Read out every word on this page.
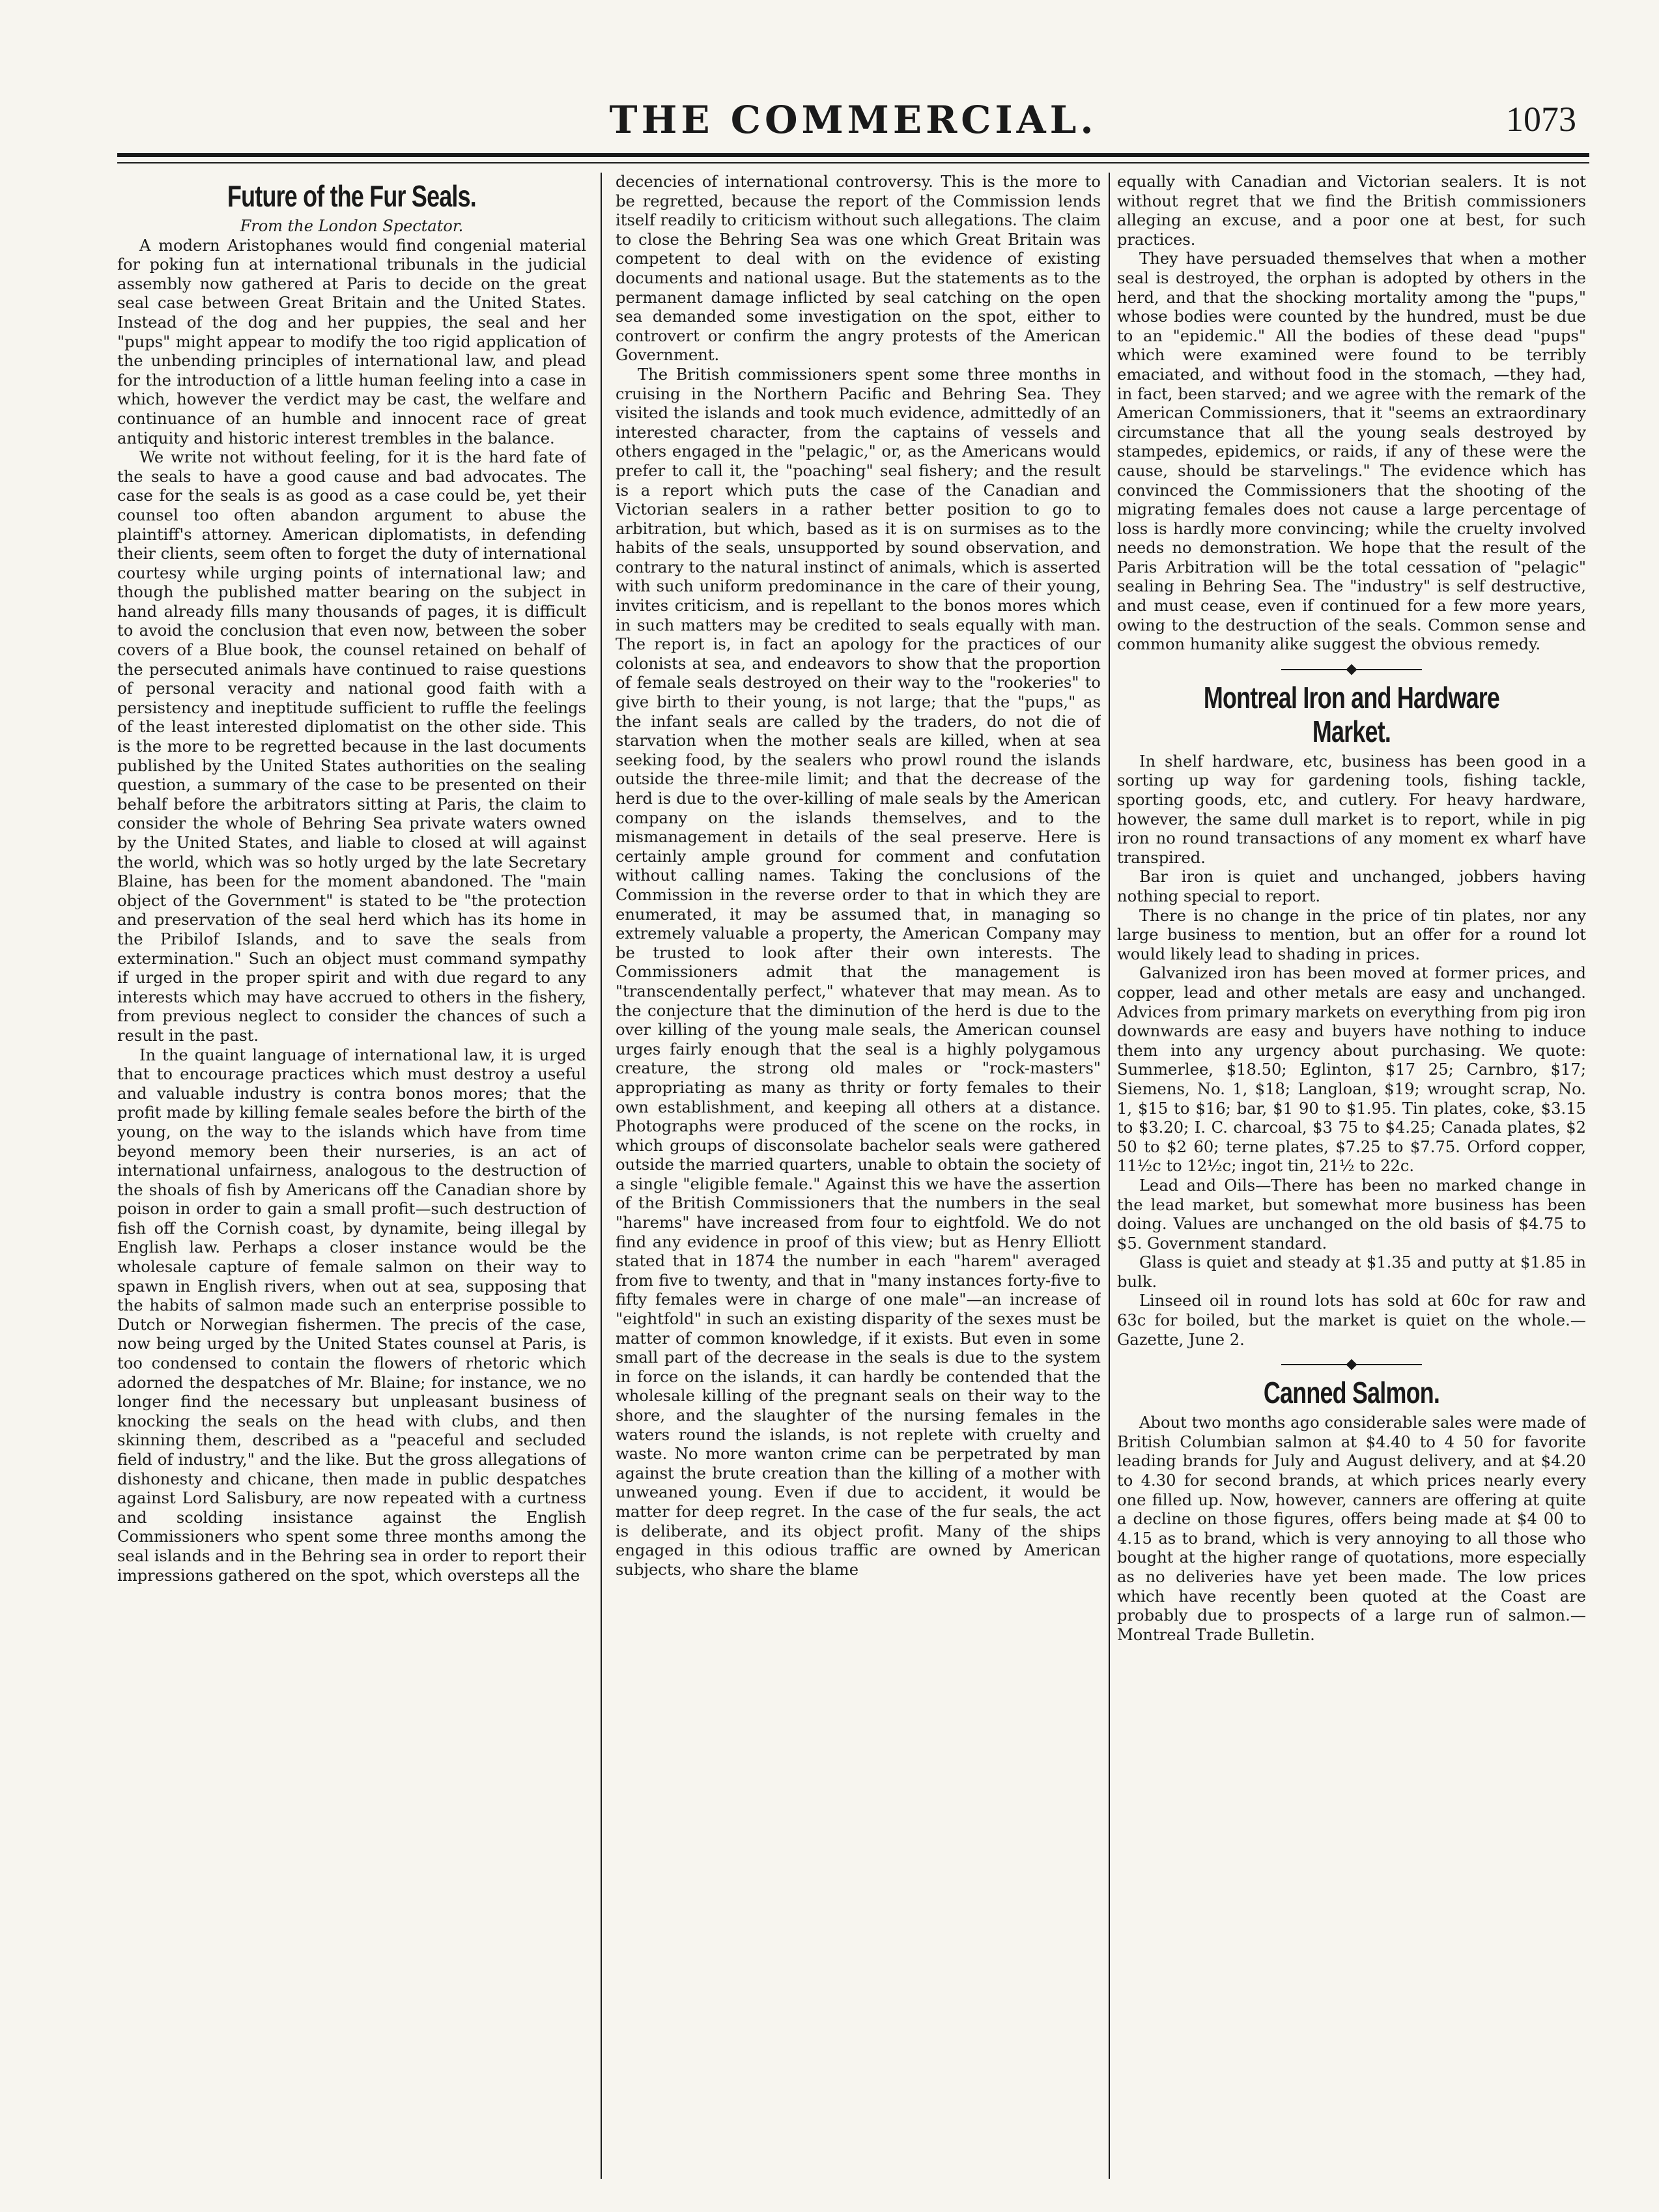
THE COMMERCIAL.	1073
Future of the Fur Seals.

From the London Spectator.

A modern Aristophanes would find congenial material for poking fun at international tribunals in the judicial assembly now gathered at Paris to decide on the great seal case between Great Britain and the United States. Instead of the dog and her puppies, the seal and her "pups" might appear to modify the too rigid application of the unbending principles of international law, and plead for the introduction of a little human feeling into a case in which, however the verdict may be cast, the welfare and continuance of an humble and innocent race of great antiquity and historic interest trembles in the balance.

We write not without feeling, for it is the hard fate of the seals to have a good cause and bad advocates. The case for the seals is as good as a case could be, yet their counsel too often abandon argument to abuse the plaintiff's attorney. American diplomatists, in defending their clients, seem often to forget the duty of international courtesy while urging points of international law; and though the published matter bearing on the subject in hand already fills many thousands of pages, it is difficult to avoid the conclusion that even now, between the sober covers of a Blue book, the counsel retained on behalf of the persecuted animals have continued to raise questions of personal veracity and national good faith with a persistency and ineptitude sufficient to ruffle the feelings of the least interested diplomatist on the other side. This is the more to be regretted because in the last documents published by the United States authorities on the sealing question, a summary of the case to be presented on their behalf before the arbitrators sitting at Paris, the claim to consider the whole of Behring Sea private waters owned by the United States, and liable to closed at will against the world, which was so hotly urged by the late Secretary Blaine, has been for the moment abandoned. The "main object of the Government" is stated to be "the protection and preservation of the seal herd which has its home in the Pribilof Islands, and to save the seals from extermination." Such an object must command sympathy if urged in the proper spirit and with due regard to any interests which may have accrued to others in the fishery, from previous neglect to consider the chances of such a result in the past.

In the quaint language of international law, it is urged that to encourage practices which must destroy a useful and valuable industry is contra bonos mores; that the profit made by killing female seales before the birth of the young, on the way to the islands which have from time beyond memory been their nurseries, is an act of international unfairness, analogous to the destruction of the shoals of fish by Americans off the Canadian shore by poison in order to gain a small profit—such destruction of fish off the Cornish coast, by dynamite, being illegal by English law. Perhaps a closer instance would be the wholesale capture of female salmon on their way to spawn in English rivers, when out at sea, supposing that the habits of salmon made such an enterprise possible to Dutch or Norwegian fishermen. The precis of the case, now being urged by the United States counsel at Paris, is too condensed to contain the flowers of rhetoric which adorned the despatches of Mr. Blaine; for instance, we no longer find the necessary but unpleasant business of knocking the seals on the head with clubs, and then skinning them, described as a "peaceful and secluded field of industry," and the like. But the gross allegations of dishonesty and chicane, then made in public despatches against Lord Salisbury, are now repeated with a curtness and scolding insistance against the English Commissioners who spent some three months among the seal islands and in the Behring sea in order to report their impressions gathered on the spot, which oversteps all the

decencies of international controversy. This is the more to be regretted, because the report of the Commission lends itself readily to criticism without such allegations. The claim to close the Behring Sea was one which Great Britain was competent to deal with on the evidence of existing documents and national usage. But the statements as to the permanent damage inflicted by seal catching on the open sea demanded some investigation on the spot, either to controvert or confirm the angry protests of the American Government.

The British commissioners spent some three months in cruising in the Northern Pacific and Behring Sea. They visited the islands and took much evidence, admittedly of an interested character, from the captains of vessels and others engaged in the "pelagic," or, as the Americans would prefer to call it, the "poaching" seal fishery; and the result is a report which puts the case of the Canadian and Victorian sealers in a rather better position to go to arbitration, but which, based as it is on surmises as to the habits of the seals, unsupported by sound observation, and contrary to the natural instinct of animals, which is asserted with such uniform predominance in the care of their young, invites criticism, and is repellant to the bonos mores which in such matters may be credited to seals equally with man. The report is, in fact an apology for the practices of our colonists at sea, and endeavors to show that the proportion of female seals destroyed on their way to the "rookeries" to give birth to their young, is not large; that the "pups," as the infant seals are called by the traders, do not die of starvation when the mother seals are killed, when at sea seeking food, by the sealers who prowl round the islands outside the three-mile limit; and that the decrease of the herd is due to the over-killing of male seals by the American company on the islands themselves, and to the mismanagement in details of the seal preserve. Here is certainly ample ground for comment and confutation without calling names. Taking the conclusions of the Commission in the reverse order to that in which they are enumerated, it may be assumed that, in managing so extremely valuable a property, the American Company may be trusted to look after their own interests. The Commissioners admit that the management is "transcendentally perfect," whatever that may mean. As to the conjecture that the diminution of the herd is due to the over killing of the young male seals, the American counsel urges fairly enough that the seal is a highly polygamous creature, the strong old males or "rock-masters" appropriating as many as thrity or forty females to their own establishment, and keeping all others at a distance. Photographs were produced of the scene on the rocks, in which groups of disconsolate bachelor seals were gathered outside the married quarters, unable to obtain the society of a single "eligible female." Against this we have the assertion of the British Commissioners that the numbers in the seal "harems" have increased from four to eightfold. We do not find any evidence in proof of this view; but as Henry Elliott stated that in 1874 the number in each "harem" averaged from five to twenty, and that in "many instances forty-five to fifty females were in charge of one male"—an increase of "eightfold" in such an existing disparity of the sexes must be matter of common knowledge, if it exists. But even in some small part of the decrease in the seals is due to the system in force on the islands, it can hardly be contended that the wholesale killing of the pregnant seals on their way to the shore, and the slaughter of the nursing females in the waters round the islands, is not replete with cruelty and waste. No more wanton crime can be perpetrated by man against the brute creation than the killing of a mother with unweaned young. Even if due to accident, it would be matter for deep regret. In the case of the fur seals, the act is deliberate, and its object profit. Many of the ships engaged in this odious traffic are owned by American subjects, who share the blame

equally with Canadian and Victorian sealers. It is not without regret that we find the British commissioners alleging an excuse, and a poor one at best, for such practices.

They have persuaded themselves that when a mother seal is destroyed, the orphan is adopted by others in the herd, and that the shocking mortality among the "pups," whose bodies were counted by the hundred, must be due to an "epidemic." All the bodies of these dead "pups" which were examined were found to be terribly emaciated, and without food in the stomach, —they had, in fact, been starved; and we agree with the remark of the American Commissioners, that it "seems an extraordinary circumstance that all the young seals destroyed by stampedes, epidemics, or raids, if any of these were the cause, should be starvelings." The evidence which has convinced the Commissioners that the shooting of the migrating females does not cause a large percentage of loss is hardly more convincing; while the cruelty involved needs no demonstration. We hope that the result of the Paris Arbitration will be the total cessation of "pelagic" sealing in Behring Sea. The "industry" is self destructive, and must cease, even if continued for a few more years, owing to the destruction of the seals. Common sense and common humanity alike suggest the obvious remedy.

Montreal Iron and Hardware Market.

In shelf hardware, etc, business has been good in a sorting up way for gardening tools, fishing tackle, sporting goods, etc, and cutlery. For heavy hardware, however, the same dull market is to report, while in pig iron no round transactions of any moment ex wharf have transpired.

Bar iron is quiet and unchanged, jobbers having nothing special to report.

There is no change in the price of tin plates, nor any large business to mention, but an offer for a round lot would likely lead to shading in prices.

Galvanized iron has been moved at former prices, and copper, lead and other metals are easy and unchanged. Advices from primary markets on everything from pig iron downwards are easy and buyers have nothing to induce them into any urgency about purchasing. We quote: Summerlee, $18.50; Eglinton, $17 25; Carnbro, $17; Siemens, No. 1, $18; Langloan, $19; wrought scrap, No. 1, $15 to $16; bar, $1 90 to $1.95. Tin plates, coke, $3.15 to $3.20; I. C. charcoal, $3 75 to $4.25; Canada plates, $2 50 to $2 60; terne plates, $7.25 to $7.75. Orford copper, 11½c to 12½c; ingot tin, 21½ to 22c.

Lead and Oils—There has been no marked change in the lead market, but somewhat more business has been doing. Values are unchanged on the old basis of $4.75 to $5. Government standard.

Glass is quiet and steady at $1.35 and putty at $1.85 in bulk.

Linseed oil in round lots has sold at 60c for raw and 63c for boiled, but the market is quiet on the whole.—Gazette, June 2.

Canned Salmon.

About two months ago considerable sales were made of British Columbian salmon at $4.40 to 4 50 for favorite leading brands for July and August delivery, and at $4.20 to 4.30 for second brands, at which prices nearly every one filled up. Now, however, canners are offering at quite a decline on those figures, offers being made at $4 00 to 4.15 as to brand, which is very annoying to all those who bought at the higher range of quotations, more especially as no deliveries have yet been made. The low prices which have recently been quoted at the Coast are probably due to prospects of a large run of salmon.—Montreal Trade Bulletin.
